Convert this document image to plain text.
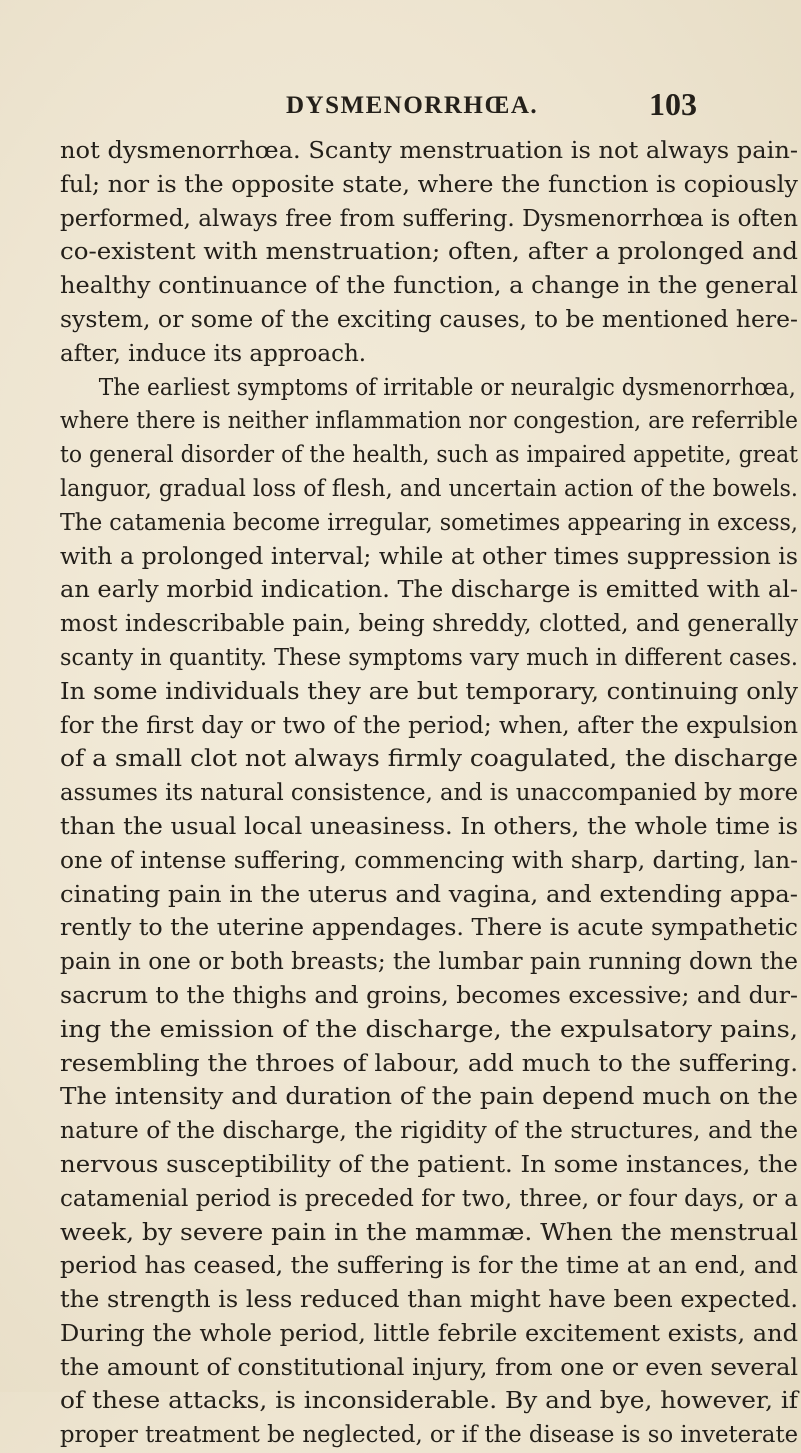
DYSMENORRHŒA.	103
not dysmenorrhœa. Scanty menstruation is not always pain-
ful; nor is the opposite state, where the function is copiously
performed, always free from suffering. Dysmenorrhœa is often
co-existent with menstruation; often, after a prolonged and
healthy continuance of the function, a change in the general
system, or some of the exciting causes, to be mentioned here-
after, induce its approach.
The earliest symptoms of irritable or neuralgic dysmenorrhœa,
where there is neither inflammation nor congestion, are referrible
to general disorder of the health, such as impaired appetite, great
languor, gradual loss of flesh, and uncertain action of the bowels.
The catamenia become irregular, sometimes appearing in excess,
with a prolonged interval; while at other times suppression is
an early morbid indication. The discharge is emitted with al-
most indescribable pain, being shreddy, clotted, and generally
scanty in quantity. These symptoms vary much in different cases.
In some individuals they are but temporary, continuing only
for the first day or two of the period; when, after the expulsion
of a small clot not always firmly coagulated, the discharge
assumes its natural consistence, and is unaccompanied by more
than the usual local uneasiness. In others, the whole time is
one of intense suffering, commencing with sharp, darting, lan-
cinating pain in the uterus and vagina, and extending appa-
rently to the uterine appendages. There is acute sympathetic
pain in one or both breasts; the lumbar pain running down the
sacrum to the thighs and groins, becomes excessive; and dur-
ing the emission of the discharge, the expulsatory pains,
resembling the throes of labour, add much to the suffering.
The intensity and duration of the pain depend much on the
nature of the discharge, the rigidity of the structures, and the
nervous susceptibility of the patient. In some instances, the
catamenial period is preceded for two, three, or four days, or a
week, by severe pain in the mammæ. When the menstrual
period has ceased, the suffering is for the time at an end, and
the strength is less reduced than might have been expected.
During the whole period, little febrile excitement exists, and
the amount of constitutional injury, from one or even several
of these attacks, is inconsiderable. By and bye, however, if
proper treatment be neglected, or if the disease is so inveterate
